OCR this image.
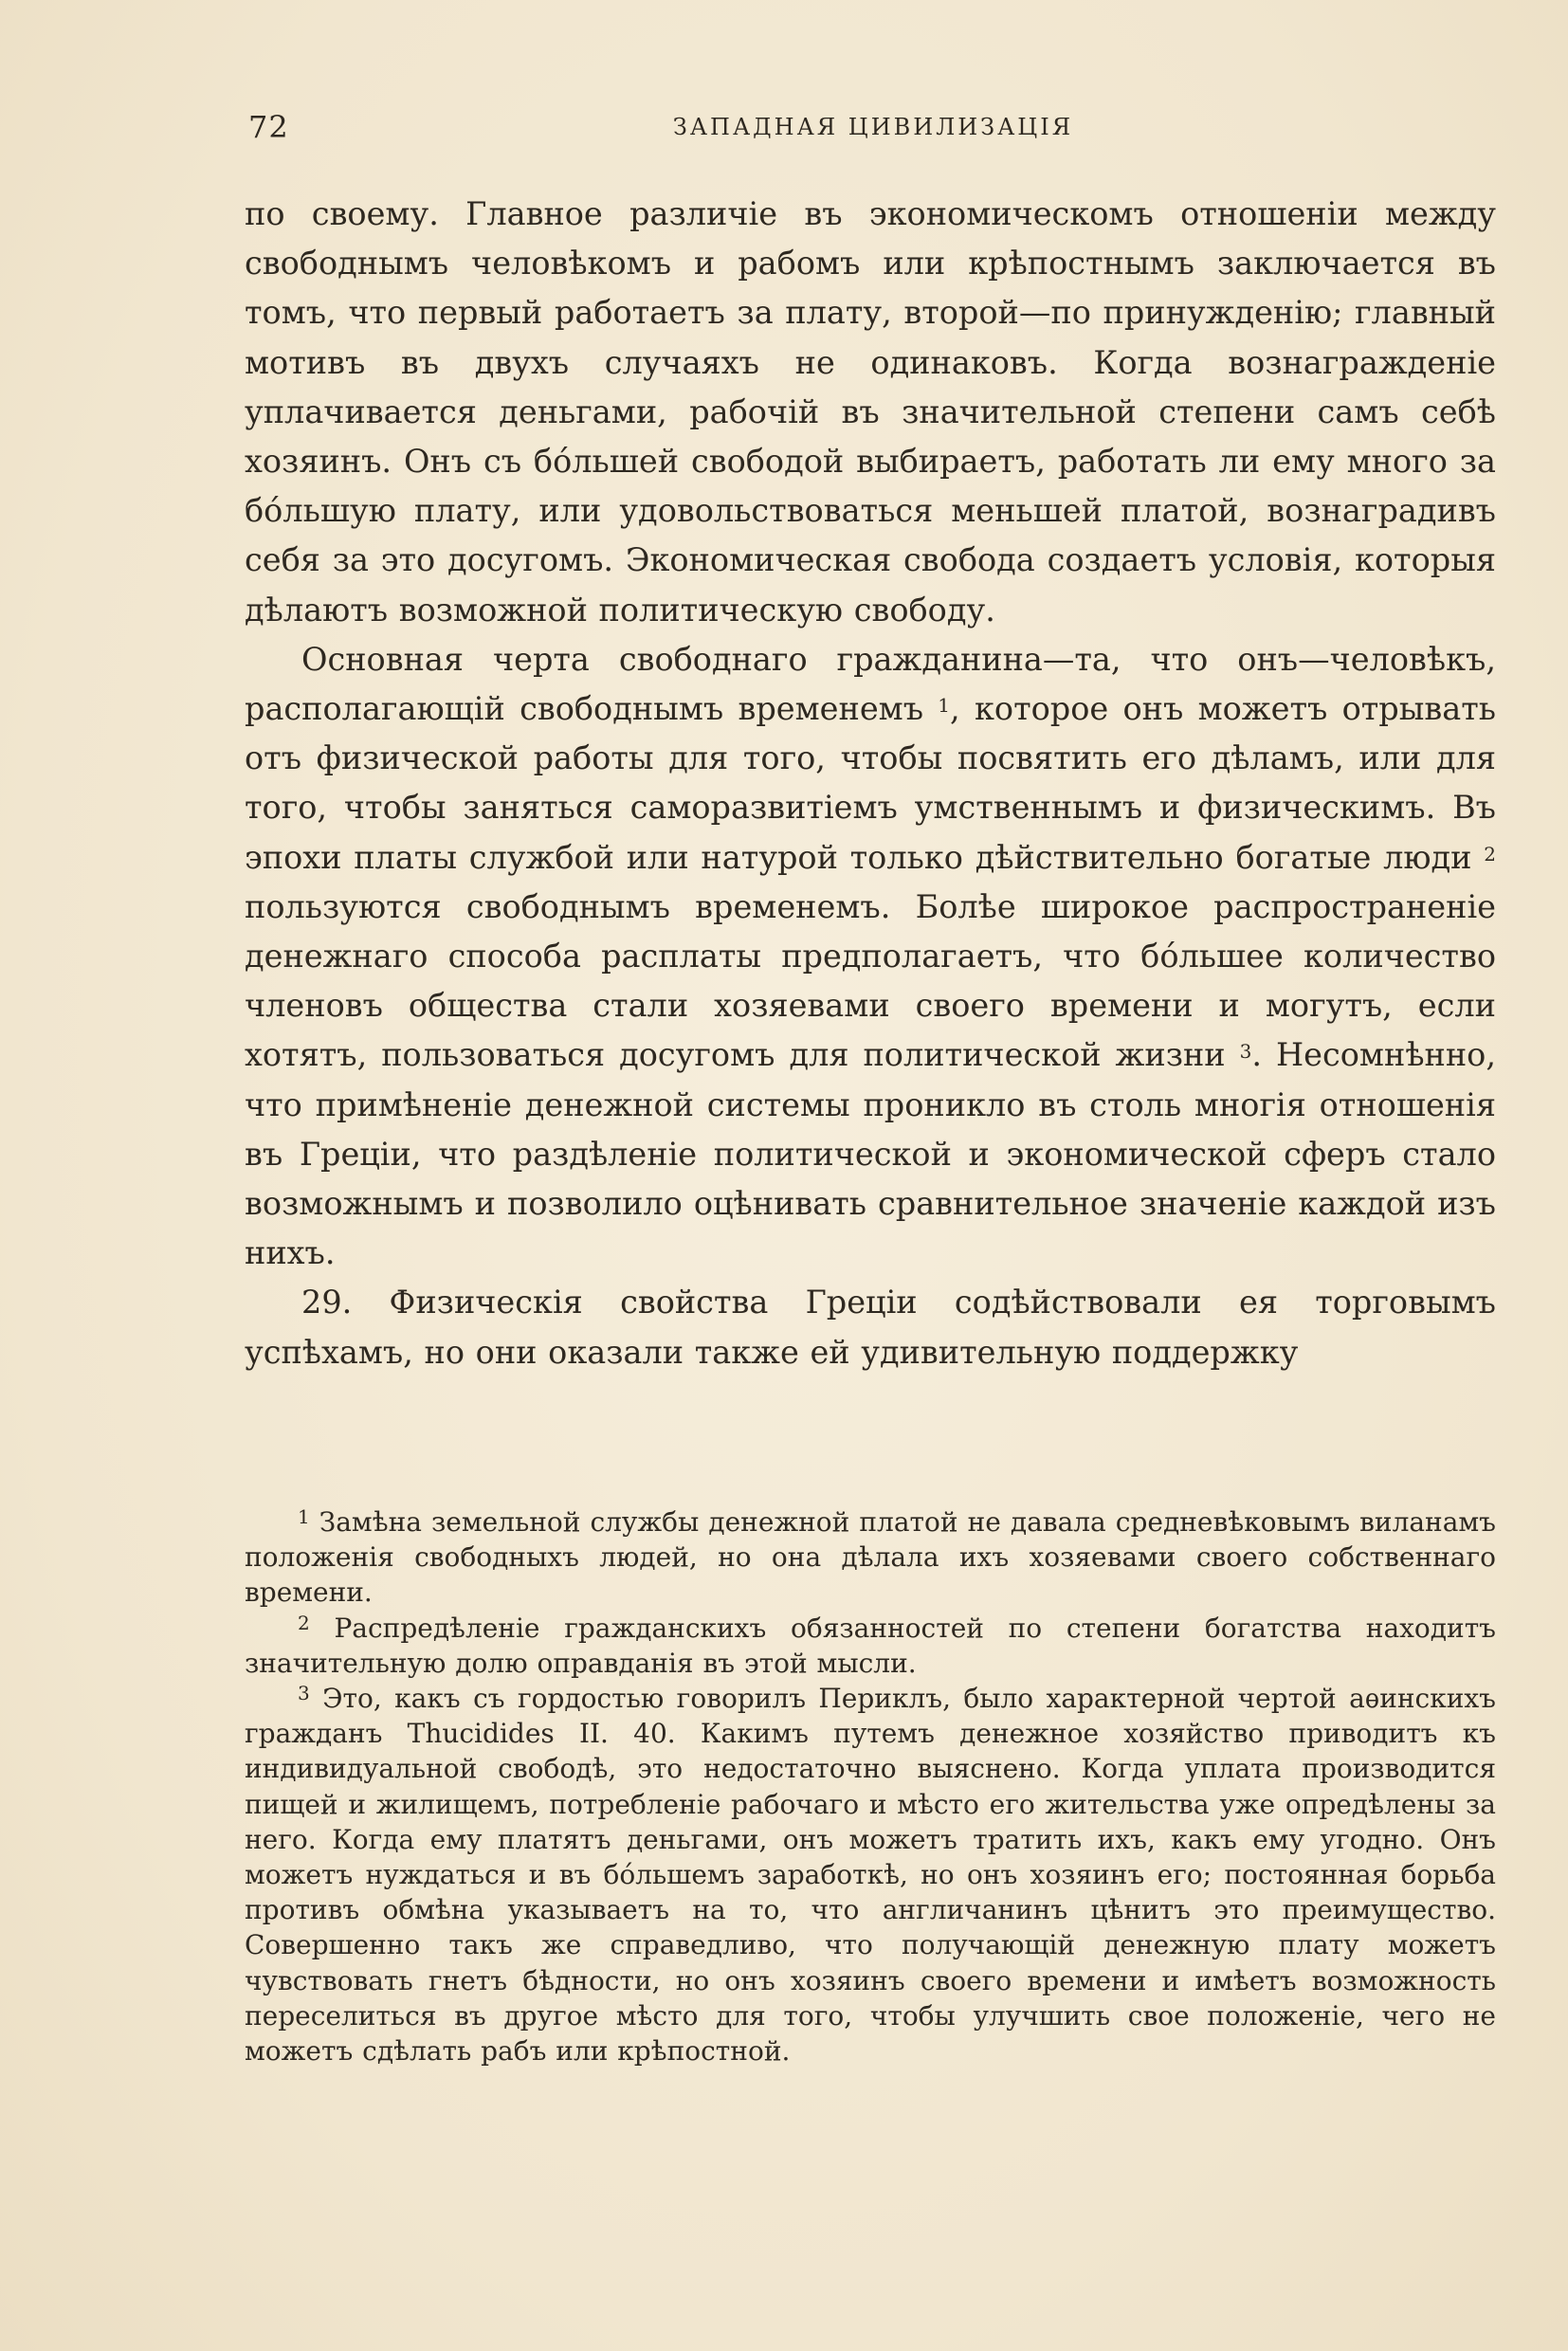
72	ЗАПАДНАЯ ЦИВИЛИЗАЦІЯ

по своему. Главное различіе въ экономическомъ отношеніи между свободнымъ человѣкомъ и рабомъ или крѣпостнымъ заключается въ томъ, что первый работаетъ за плату, второй—по принужденію; главный мотивъ въ двухъ случаяхъ не одинаковъ. Когда вознагражденіе уплачивается деньгами, рабочій въ значительной степени самъ себѣ хозяинъ. Онъ съ бóльшей свободой выбираетъ, работать ли ему много за бóльшую плату, или удовольствоваться меньшей платой, вознаградивъ себя за это досугомъ. Экономическая свобода создаетъ условія, которыя дѣлаютъ возможной политическую свободу.

Основная черта свободнаго гражданина—та, что онъ—человѣкъ, располагающій свободнымъ временемъ $^1$, которое онъ можетъ отрывать отъ физической работы для того, чтобы посвятить его дѣламъ, или для того, чтобы заняться саморазвитіемъ умственнымъ и физическимъ. Въ эпохи платы службой или натурой только дѣйствительно богатые люди $^2$ пользуются свободнымъ временемъ. Болѣе широкое распространеніе денежнаго способа расплаты предполагаетъ, что бóльшее количество членовъ общества стали хозяевами своего времени и могутъ, если хотятъ, пользоваться досугомъ для политической жизни $^3$. Несомнѣнно, что примѣненіе денежной системы проникло въ столь многія отношенія въ Греціи, что раздѣленіе политической и экономической сферъ стало возможнымъ и позволило оцѣнивать сравнительное значеніе каждой изъ нихъ.

29. Физическія свойства Греціи содѣйствовали ея торговымъ успѣхамъ, но они оказали также ей удивительную поддержку

$^1$ Замѣна земельной службы денежной платой не давала средневѣковымъ виланамъ положенія свободныхъ людей, но она дѣлала ихъ хозяевами своего собственнаго времени.

$^2$ Распредѣленіе гражданскихъ обязанностей по степени богатства находитъ значительную долю оправданія въ этой мысли.

$^3$ Это, какъ съ гордостью говорилъ Периклъ, было характерной чертой аѳинскихъ гражданъ Thucidides II. 40. Какимъ путемъ денежное хозяйство приводитъ къ индивидуальной свободѣ, это недостаточно выяснено. Когда уплата производится пищей и жилищемъ, потребленіе рабочаго и мѣсто его жительства уже опредѣлены за него. Когда ему платятъ деньгами, онъ можетъ тратить ихъ, какъ ему угодно. Онъ можетъ нуждаться и въ бóльшемъ заработкѣ, но онъ хозяинъ его; постоянная борьба противъ обмѣна указываетъ на то, что англичанинъ цѣнитъ это преимущество. Совершенно такъ же справедливо, что получающій денежную плату можетъ чувствовать гнетъ бѣдности, но онъ хозяинъ своего времени и имѣетъ возможность переселиться въ другое мѣсто для того, чтобы улучшить свое положеніе, чего не можетъ сдѣлать рабъ или крѣпостной.
